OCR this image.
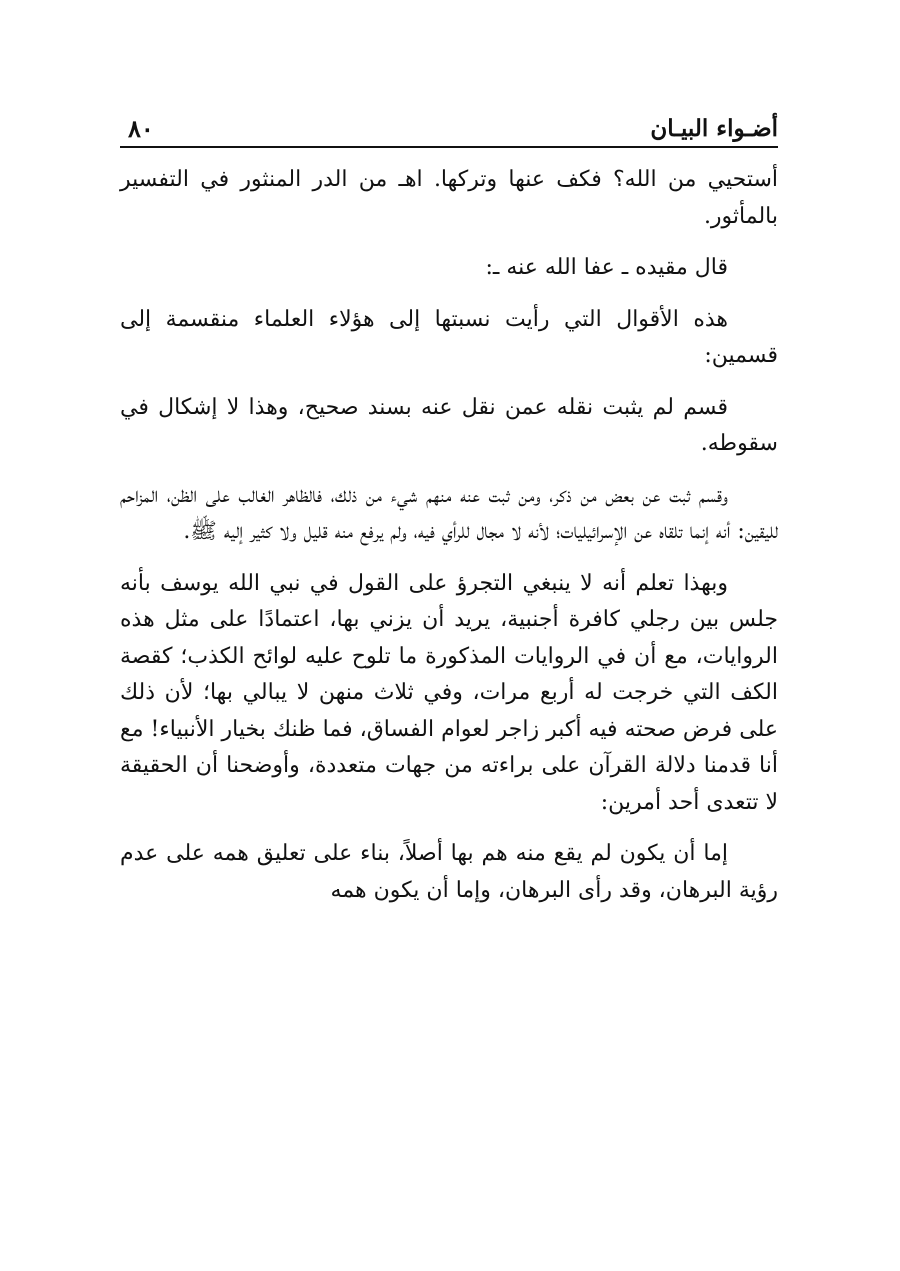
أضـواء البيـان
٨٠

أستحيي من الله؟ فكف عنها وتركها. اهـ من الدر المنثور في التفسير بالمأثور.

قال مقيده ـ عفا الله عنه ـ:

هذه الأقوال التي رأيت نسبتها إلى هؤلاء العلماء منقسمة إلى قسمين:

قسم لم يثبت نقله عمن نقل عنه بسند صحيح، وهذا لا إشكال في سقوطه.

وقسم ثبت عن بعض من ذكر، ومن ثبت عنه منهم شيء من ذلك، فالظاهر الغالب على الظن، المزاحم لليقين: أنه إنما تلقاه عن الإسرائيليات؛ لأنه لا مجال للرأي فيه، ولم يرفع منه قليل ولا كثير إليه ﷺ.

وبهذا تعلم أنه لا ينبغي التجرؤ على القول في نبي الله يوسف بأنه جلس بين رجلي كافرة أجنبية، يريد أن يزني بها، اعتمادًا على مثل هذه الروايات، مع أن في الروايات المذكورة ما تلوح عليه لوائح الكذب؛ كقصة الكف التي خرجت له أربع مرات، وفي ثلاث منهن لا يبالي بها؛ لأن ذلك على فرض صحته فيه أكبر زاجر لعوام الفساق، فما ظنك بخيار الأنبياء! مع أنا قدمنا دلالة القرآن على براءته من جهات متعددة، وأوضحنا أن الحقيقة لا تتعدى أحد أمرين:

إما أن يكون لم يقع منه هم بها أصلاً، بناء على تعليق همه على عدم رؤية البرهان، وقد رأى البرهان، وإما أن يكون همه
